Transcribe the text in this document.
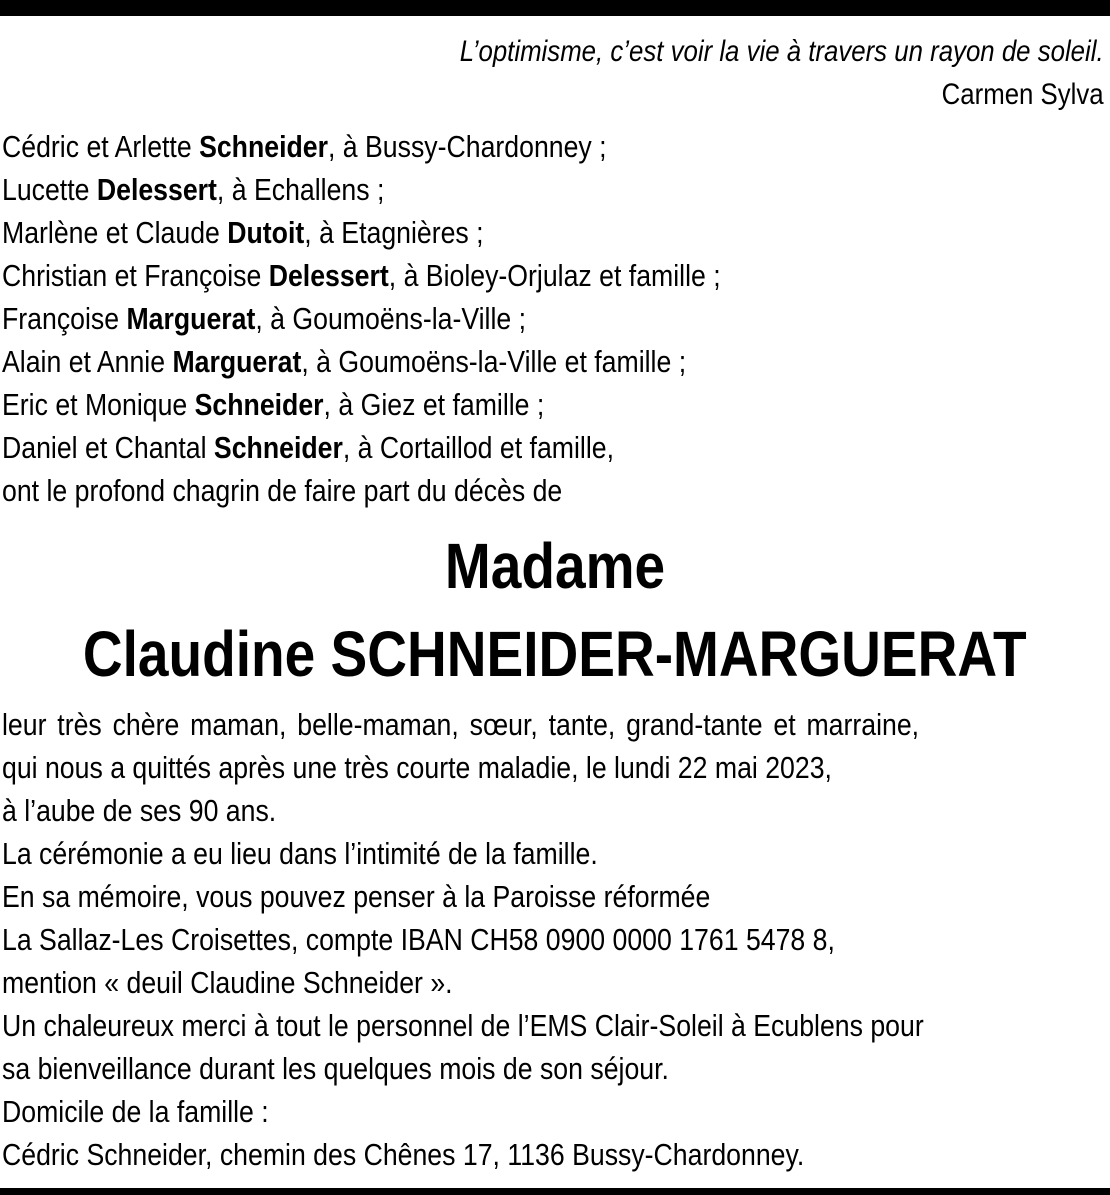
L’optimisme, c’est voir la vie à travers un rayon de soleil.
Carmen Sylva
Cédric et Arlette Schneider, à Bussy-Chardonney ;
Lucette Delessert, à Echallens ;
Marlène et Claude Dutoit, à Etagnières ;
Christian et Françoise Delessert, à Bioley-Orjulaz et famille ;
Françoise Marguerat, à Goumoëns-la-Ville ;
Alain et Annie Marguerat, à Goumoëns-la-Ville et famille ;
Eric et Monique Schneider, à Giez et famille ;
Daniel et Chantal Schneider, à Cortaillod et famille,
ont le profond chagrin de faire part du décès de
Madame
Claudine SCHNEIDER-MARGUERAT
leur très chère maman, belle-maman, sœur, tante, grand-tante et marraine,
qui nous a quittés après une très courte maladie, le lundi 22 mai 2023,
à l’aube de ses 90 ans.
La cérémonie a eu lieu dans l’intimité de la famille.
En sa mémoire, vous pouvez penser à la Paroisse réformée
La Sallaz-Les Croisettes, compte IBAN CH58 0900 0000 1761 5478 8,
mention « deuil Claudine Schneider ».
Un chaleureux merci à tout le personnel de l’EMS Clair-Soleil à Ecublens pour
sa bienveillance durant les quelques mois de son séjour.
Domicile de la famille :
Cédric Schneider, chemin des Chênes 17, 1136 Bussy-Chardonney.
